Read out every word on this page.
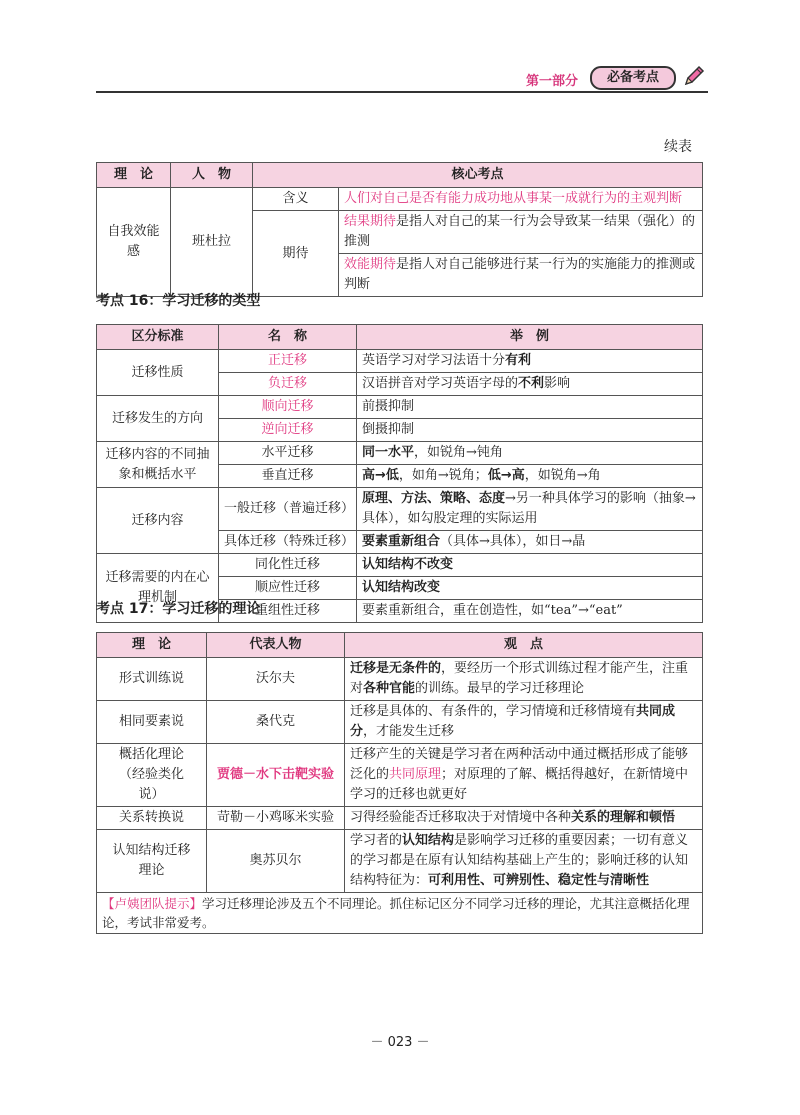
第一部分	必备考点
续表
理　论	人　物	核心考点	
自我效能感	班杜拉	含义	人们对自己是否有能力成功地从事某一成就行为的主观判断
		期待	结果期待是指人对自己的某一行为会导致某一结果（强化）的推测
			效能期待是指人对自己能够进行某一行为的实施能力的推测或判断
考点 16：学习迁移的类型
区分标准	名　称	举　例
迁移性质	正迁移	英语学习对学习法语十分有利
	负迁移	汉语拼音对学习英语字母的不利影响
迁移发生的方向	顺向迁移	前摄抑制
	逆向迁移	倒摄抑制
迁移内容的不同抽象和概括水平	水平迁移	同一水平，如锐角→钝角
	垂直迁移	高→低，如角→锐角；低→高，如锐角→角
迁移内容	一般迁移（普遍迁移）	原理、方法、策略、态度→另一种具体学习的影响（抽象→具体），如勾股定理的实际运用
	具体迁移（特殊迁移）	要素重新组合（具体→具体），如日→晶
迁移需要的内在心理机制	同化性迁移	认知结构不改变
	顺应性迁移	认知结构改变
	重组性迁移	要素重新组合，重在创造性，如“tea”→“eat”
考点 17：学习迁移的理论
理　论	代表人物	观　点
形式训练说	沃尔夫	迁移是无条件的，要经历一个形式训练过程才能产生，注重对各种官能的训练。最早的学习迁移理论
相同要素说	桑代克	迁移是具体的、有条件的，学习情境和迁移情境有共同成分，才能发生迁移
概括化理论（经验类化说）	贾德－水下击靶实验	迁移产生的关键是学习者在两种活动中通过概括形成了能够泛化的共同原理；对原理的了解、概括得越好，在新情境中学习的迁移也就更好
关系转换说	苛勒－小鸡啄米实验	习得经验能否迁移取决于对情境中各种关系的理解和顿悟
认知结构迁移理论	奥苏贝尔	学习者的认知结构是影响学习迁移的重要因素；一切有意义的学习都是在原有认知结构基础上产生的；影响迁移的认知结构特征为：可利用性、可辨别性、稳定性与清晰性
【卢姨团队提示】学习迁移理论涉及五个不同理论。抓住标记区分不同学习迁移的理论，尤其注意概括化理论，考试非常爱考。		
－ 023 －
